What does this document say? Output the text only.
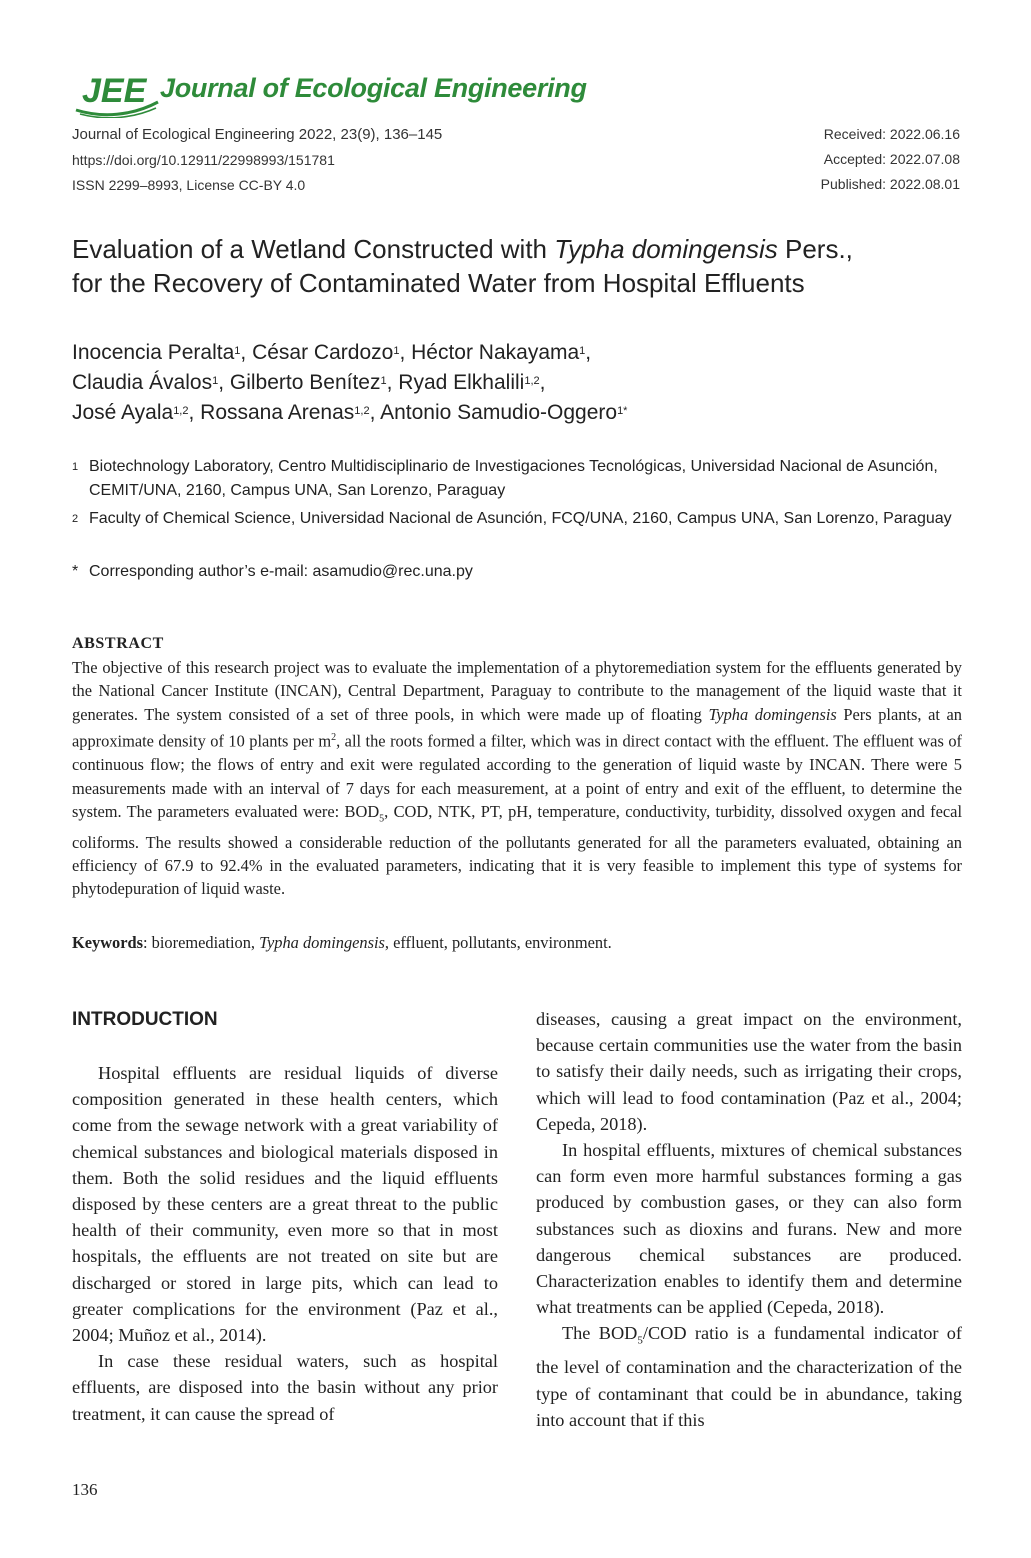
JEE Journal of Ecological Engineering
Journal of Ecological Engineering 2022, 23(9), 136–145
https://doi.org/10.12911/22998993/151781
ISSN 2299–8993, License CC-BY 4.0
Received: 2022.06.16
Accepted: 2022.07.08
Published: 2022.08.01
Evaluation of a Wetland Constructed with Typha domingensis Pers.,
for the Recovery of Contaminated Water from Hospital Effluents
Inocencia Peralta$^1$, César Cardozo$^1$, Héctor Nakayama$^1$,
Claudia Ávalos$^1$, Gilberto Benítez$^1$, Ryad Elkhalili$^{1,2}$,
José Ayala$^{1,2}$, Rossana Arenas$^{1,2}$, Antonio Samudio-Oggero$^{1*}$
1 Biotechnology Laboratory, Centro Multidisciplinario de Investigaciones Tecnológicas, Universidad Nacional de Asunción, CEMIT/UNA, 2160, Campus UNA, San Lorenzo, Paraguay
2 Faculty of Chemical Science, Universidad Nacional de Asunción, FCQ/UNA, 2160, Campus UNA, San Lorenzo, Paraguay
* Corresponding author’s e-mail: asamudio@rec.una.py
ABSTRACT
The objective of this research project was to evaluate the implementation of a phytoremediation system for the effluents generated by the National Cancer Institute (INCAN), Central Department, Paraguay to contribute to the management of the liquid waste that it generates. The system consisted of a set of three pools, in which were made up of floating Typha domingensis Pers plants, at an approximate density of 10 plants per $m^2$, all the roots formed a filter, which was in direct contact with the effluent. The effluent was of continuous flow; the flows of entry and exit were regulated according to the generation of liquid waste by INCAN. There were 5 measurements made with an interval of 7 days for each measurement, at a point of entry and exit of the effluent, to determine the system. The parameters evaluated were: $BOD_5$, COD, NTK, PT, pH, temperature, conductivity, turbidity, dissolved oxygen and fecal coliforms. The results showed a considerable reduction of the pollutants generated for all the parameters evaluated, obtaining an efficiency of 67.9 to 92.4% in the evaluated parameters, indicating that it is very feasible to implement this type of systems for phytodepuration of liquid waste.
Keywords: bioremediation, Typha domingensis, effluent, pollutants, environment.
INTRODUCTION

Hospital effluents are residual liquids of diverse composition generated in these health centers, which come from the sewage network with a great variability of chemical substances and biological materials disposed in them. Both the solid residues and the liquid effluents disposed by these centers are a great threat to the public health of their community, even more so that in most hospitals, the effluents are not treated on site but are discharged or stored in large pits, which can lead to greater complications for the environment (Paz et al., 2004; Muñoz et al., 2014).

In case these residual waters, such as hospital effluents, are disposed into the basin without any prior treatment, it can cause the spread of

diseases, causing a great impact on the environment, because certain communities use the water from the basin to satisfy their daily needs, such as irrigating their crops, which will lead to food contamination (Paz et al., 2004; Cepeda, 2018).

In hospital effluents, mixtures of chemical substances can form even more harmful substances forming a gas produced by combustion gases, or they can also form substances such as dioxins and furans. New and more dangerous chemical substances are produced. Characterization enables to identify them and determine what treatments can be applied (Cepeda, 2018).

The $BOD_5$/COD ratio is a fundamental indicator of the level of contamination and the characterization of the type of contaminant that could be in abundance, taking into account that if this

136
